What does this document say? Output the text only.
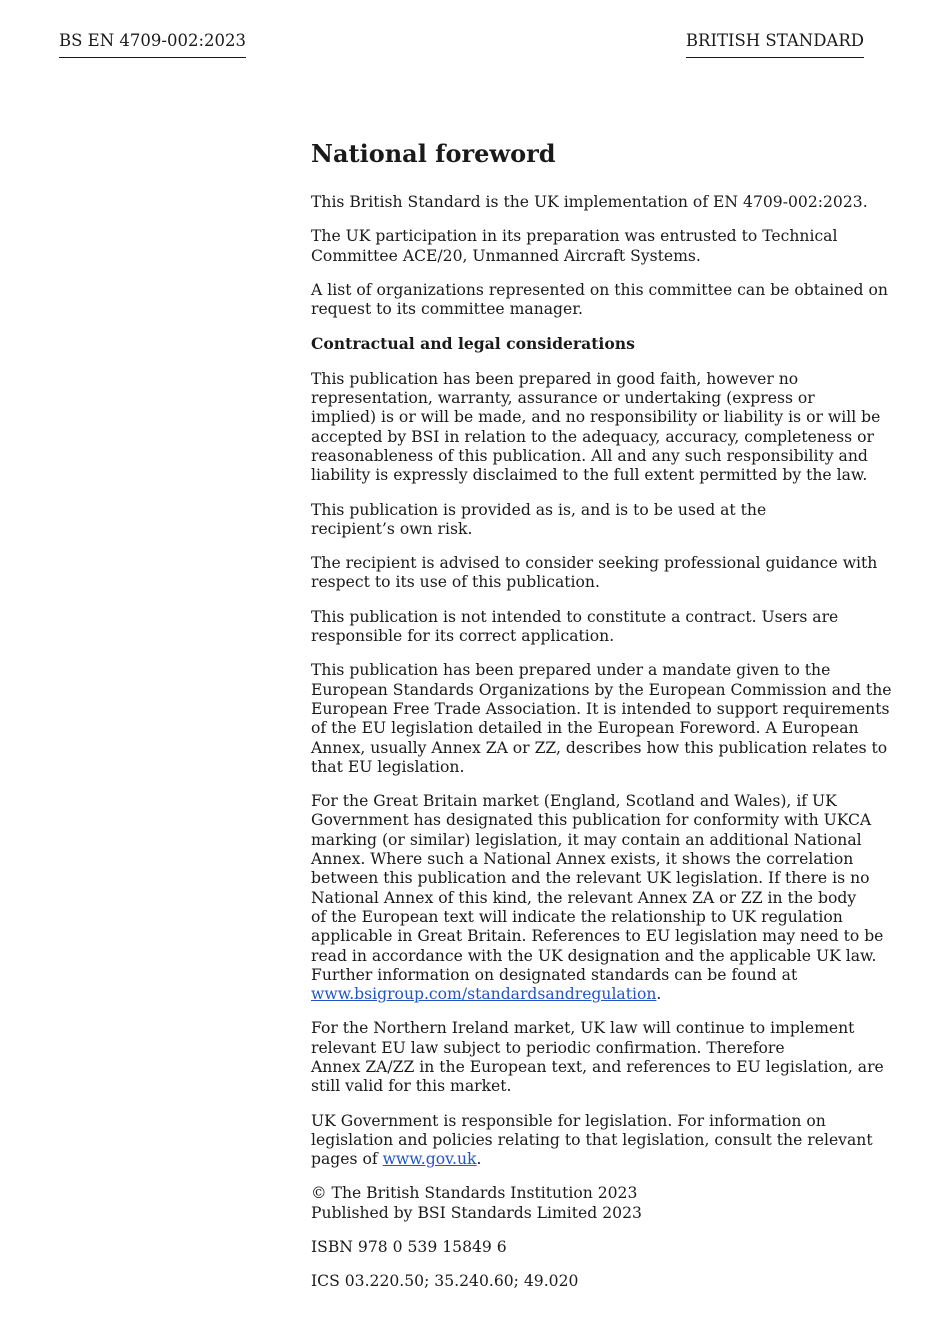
BS EN 4709-002:2023	BRITISH STANDARD
National foreword

This British Standard is the UK implementation of EN 4709-002:2023.

The UK participation in its preparation was entrusted to Technical
Committee ACE/20, Unmanned Aircraft Systems.

A list of organizations represented on this committee can be obtained on
request to its committee manager.

Contractual and legal considerations

This publication has been prepared in good faith, however no
representation, warranty, assurance or undertaking (express or
implied) is or will be made, and no responsibility or liability is or will be
accepted by BSI in relation to the adequacy, accuracy, completeness or
reasonableness of this publication. All and any such responsibility and
liability is expressly disclaimed to the full extent permitted by the law.

This publication is provided as is, and is to be used at the
recipient’s own risk.

The recipient is advised to consider seeking professional guidance with
respect to its use of this publication.

This publication is not intended to constitute a contract. Users are
responsible for its correct application.

This publication has been prepared under a mandate given to the
European Standards Organizations by the European Commission and the
European Free Trade Association. It is intended to support requirements
of the EU legislation detailed in the European Foreword. A European
Annex, usually Annex ZA or ZZ, describes how this publication relates to
that EU legislation.

For the Great Britain market (England, Scotland and Wales), if UK
Government has designated this publication for conformity with UKCA
marking (or similar) legislation, it may contain an additional National
Annex. Where such a National Annex exists, it shows the correlation
between this publication and the relevant UK legislation. If there is no
National Annex of this kind, the relevant Annex ZA or ZZ in the body
of the European text will indicate the relationship to UK regulation
applicable in Great Britain. References to EU legislation may need to be
read in accordance with the UK designation and the applicable UK law.
Further information on designated standards can be found at
www.bsigroup.com/standardsandregulation.

For the Northern Ireland market, UK law will continue to implement
relevant EU law subject to periodic confirmation. Therefore
Annex ZA/ZZ in the European text, and references to EU legislation, are
still valid for this market.

UK Government is responsible for legislation. For information on
legislation and policies relating to that legislation, consult the relevant
pages of www.gov.uk.

© The British Standards Institution 2023
Published by BSI Standards Limited 2023

ISBN 978 0 539 15849 6

ICS 03.220.50; 35.240.60; 49.020
